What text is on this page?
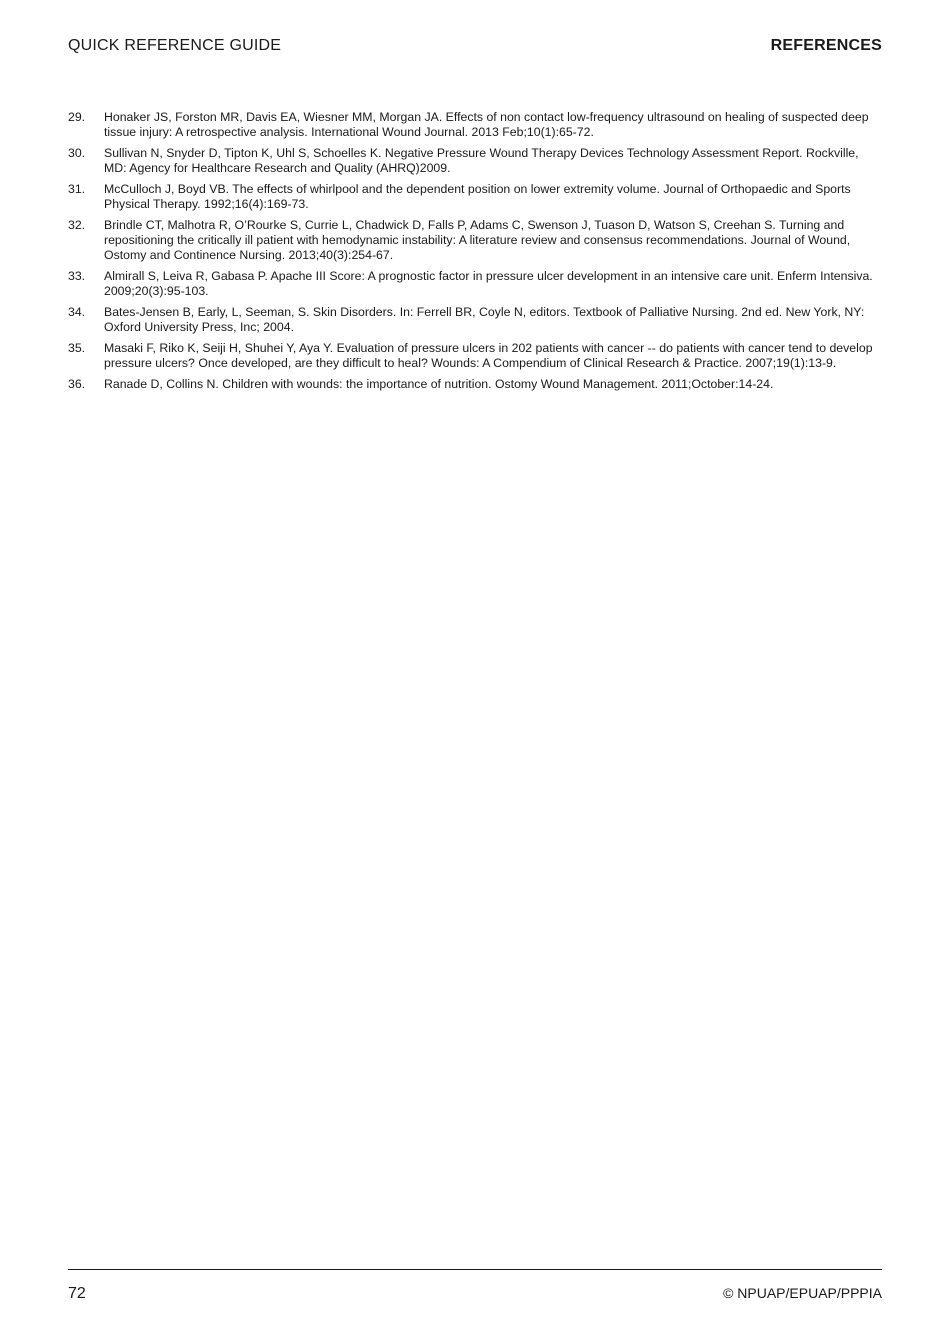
QUICK REFERENCE GUIDE	REFERENCES
29.	Honaker JS, Forston MR, Davis EA, Wiesner MM, Morgan JA. Effects of non contact low-frequency ultrasound on healing of suspected deep tissue injury: A retrospective analysis. International Wound Journal. 2013 Feb;10(1):65-72.
30.	Sullivan N, Snyder D, Tipton K, Uhl S, Schoelles K. Negative Pressure Wound Therapy Devices Technology Assessment Report. Rockville, MD: Agency for Healthcare Research and Quality (AHRQ)2009.
31.	McCulloch J, Boyd VB. The effects of whirlpool and the dependent position on lower extremity volume. Journal of Orthopaedic and Sports Physical Therapy. 1992;16(4):169-73.
32.	Brindle CT, Malhotra R, O’Rourke S, Currie L, Chadwick D, Falls P, Adams C, Swenson J, Tuason D, Watson S, Creehan S. Turning and repositioning the critically ill patient with hemodynamic instability: A literature review and consensus recommendations. Journal of Wound, Ostomy and Continence Nursing. 2013;40(3):254-67.
33.	Almirall S, Leiva R, Gabasa P. Apache III Score: A prognostic factor in pressure ulcer development in an intensive care unit. Enferm Intensiva. 2009;20(3):95-103.
34.	Bates-Jensen B, Early, L, Seeman, S. Skin Disorders. In: Ferrell BR, Coyle N, editors. Textbook of Palliative Nursing. 2nd ed. New York, NY: Oxford University Press, Inc; 2004.
35.	Masaki F, Riko K, Seiji H, Shuhei Y, Aya Y. Evaluation of pressure ulcers in 202 patients with cancer -- do patients with cancer tend to develop pressure ulcers? Once developed, are they difficult to heal? Wounds: A Compendium of Clinical Research & Practice. 2007;19(1):13-9.
36.	Ranade D, Collins N. Children with wounds: the importance of nutrition. Ostomy Wound Management. 2011;October:14-24.
72	© NPUAP/EPUAP/PPPIA
